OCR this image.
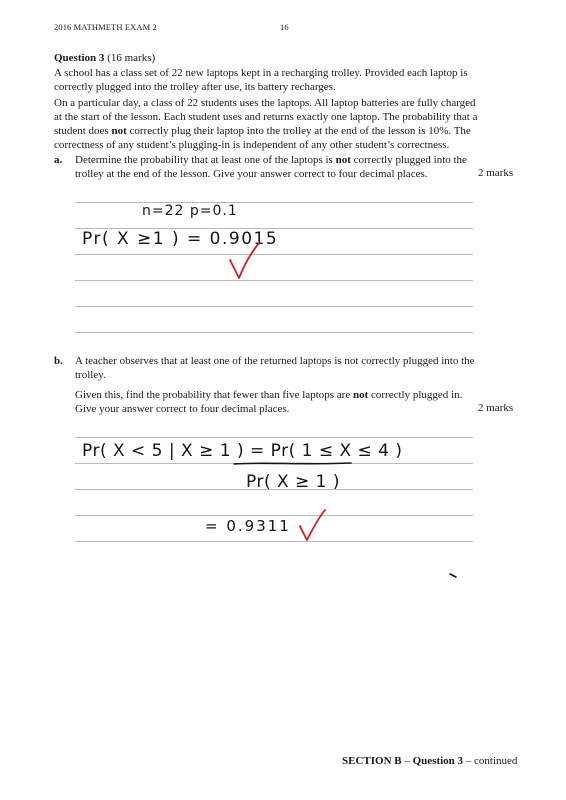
2016 MATHMETH EXAM 2	16
Question 3 (16 marks)
A school has a class set of 22 new laptops kept in a recharging trolley. Provided each laptop is correctly plugged into the trolley after use, its battery recharges.
On a particular day, a class of 22 students uses the laptops. All laptop batteries are fully charged at the start of the lesson. Each student uses and returns exactly one laptop. The probability that a student does not correctly plug their laptop into the trolley at the end of the lesson is 10%. The correctness of any student’s plugging-in is independent of any other student’s correctness.
a. Determine the probability that at least one of the laptops is not correctly plugged into the trolley at the end of the lesson. Give your answer correct to four decimal places.	2 marks
n=22 p=0.1
Pr( X ≥1 ) = 0.9015
b. A teacher observes that at least one of the returned laptops is not correctly plugged into the trolley.
Given this, find the probability that fewer than five laptops are not correctly plugged in. Give your answer correct to four decimal places.	2 marks
Pr( X < 5 | X ≥ 1 ) = Pr( 1 ≤ X ≤ 4 )
Pr( X ≥ 1 )
= 0.9311
SECTION B – Question 3 – continued
